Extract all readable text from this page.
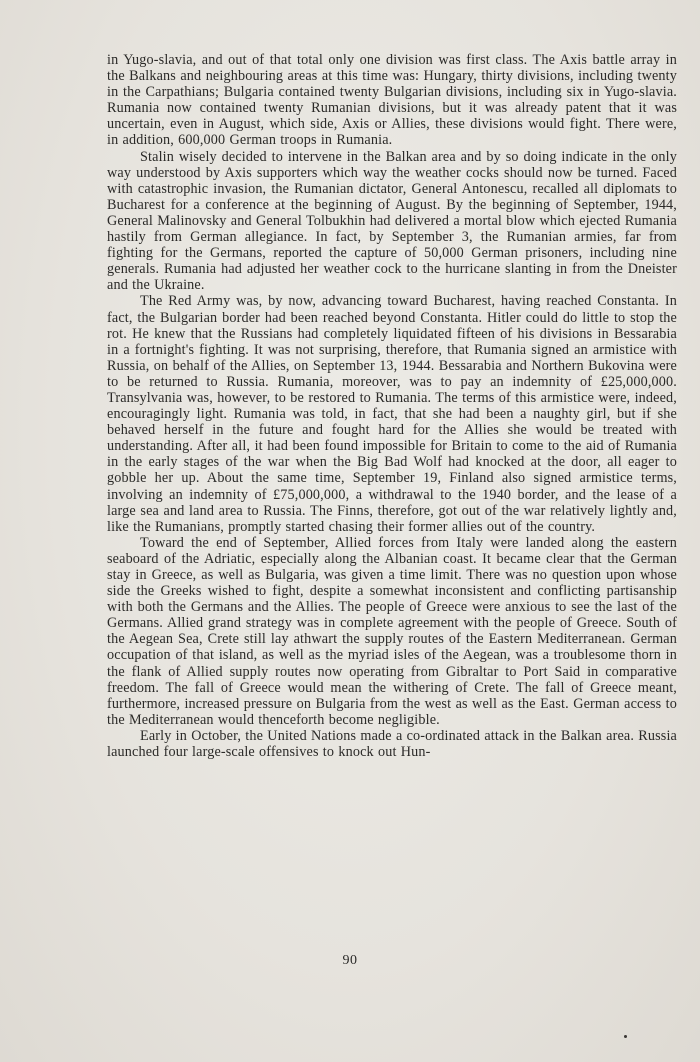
in Yugo-slavia, and out of that total only one division was first class. The Axis battle array in the Balkans and neighbouring areas at this time was: Hungary, thirty divisions, including twenty in the Carpathians; Bulgaria contained twenty Bulgarian divisions, including six in Yugo-slavia. Rumania now contained twenty Rumanian divisions, but it was already patent that it was uncertain, even in August, which side, Axis or Allies, these divisions would fight. There were, in addition, 600,000 German troops in Rumania.

Stalin wisely decided to intervene in the Balkan area and by so doing indicate in the only way understood by Axis supporters which way the weather cocks should now be turned. Faced with catastrophic invasion, the Rumanian dictator, General Antonescu, recalled all diplomats to Bucharest for a conference at the beginning of August. By the beginning of September, 1944, General Malinovsky and General Tolbukhin had delivered a mortal blow which ejected Rumania hastily from German allegiance. In fact, by September 3, the Rumanian armies, far from fighting for the Germans, reported the capture of 50,000 German prisoners, including nine generals. Rumania had adjusted her weather cock to the hurricane slanting in from the Dneister and the Ukraine.

The Red Army was, by now, advancing toward Bucharest, having reached Constanta. In fact, the Bulgarian border had been reached beyond Constanta. Hitler could do little to stop the rot. He knew that the Russians had completely liquidated fifteen of his divisions in Bessarabia in a fortnight's fighting. It was not surprising, therefore, that Rumania signed an armistice with Russia, on behalf of the Allies, on September 13, 1944. Bessarabia and Northern Bukovina were to be returned to Russia. Rumania, moreover, was to pay an indemnity of £25,000,000. Transylvania was, however, to be restored to Rumania. The terms of this armistice were, indeed, encouragingly light. Rumania was told, in fact, that she had been a naughty girl, but if she behaved herself in the future and fought hard for the Allies she would be treated with understanding. After all, it had been found impossible for Britain to come to the aid of Rumania in the early stages of the war when the Big Bad Wolf had knocked at the door, all eager to gobble her up. About the same time, September 19, Finland also signed armistice terms, involving an indemnity of £75,000,000, a withdrawal to the 1940 border, and the lease of a large sea and land area to Russia. The Finns, therefore, got out of the war relatively lightly and, like the Rumanians, promptly started chasing their former allies out of the country.

Toward the end of September, Allied forces from Italy were landed along the eastern seaboard of the Adriatic, especially along the Albanian coast. It became clear that the German stay in Greece, as well as Bulgaria, was given a time limit. There was no question upon whose side the Greeks wished to fight, despite a somewhat inconsistent and conflicting partisanship with both the Germans and the Allies. The people of Greece were anxious to see the last of the Germans. Allied grand strategy was in complete agreement with the people of Greece. South of the Aegean Sea, Crete still lay athwart the supply routes of the Eastern Mediterranean. German occupation of that island, as well as the myriad isles of the Aegean, was a troublesome thorn in the flank of Allied supply routes now operating from Gibraltar to Port Said in comparative freedom. The fall of Greece would mean the withering of Crete. The fall of Greece meant, furthermore, increased pressure on Bulgaria from the west as well as the East. German access to the Mediterranean would thenceforth become negligible.

Early in October, the United Nations made a co-ordinated attack in the Balkan area. Russia launched four large-scale offensives to knock out Hun-

90
